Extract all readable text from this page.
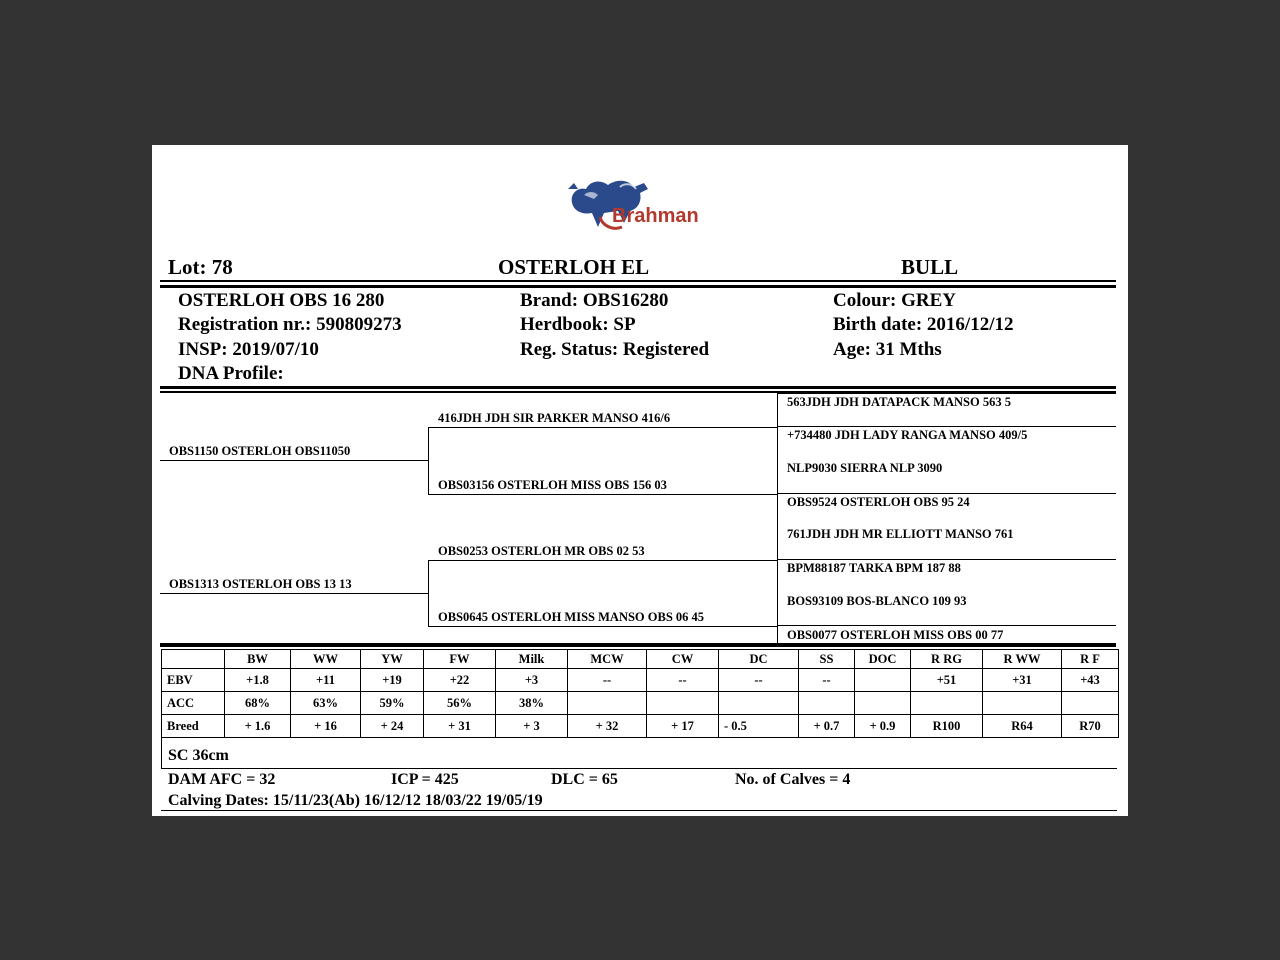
Brahman
Lot: 78	OSTERLOH EL	BULL
OSTERLOH OBS 16 280
Registration nr.: 590809273
INSP: 2019/07/10
DNA Profile:
Brand: OBS16280
Herdbook: SP
Reg. Status: Registered
Colour: GREY
Birth date: 2016/12/12
Age: 31 Mths
OBS1150 OSTERLOH OBS11050
OBS1313 OSTERLOH OBS 13 13
416JDH JDH SIR PARKER MANSO 416/6
OBS03156 OSTERLOH MISS OBS 156 03
OBS0253 OSTERLOH MR OBS 02 53
OBS0645 OSTERLOH MISS MANSO OBS 06 45
563JDH JDH DATAPACK MANSO 563 5
+734480 JDH LADY RANGA MANSO 409/5
NLP9030 SIERRA NLP 3090
OBS9524 OSTERLOH OBS 95 24
761JDH JDH MR ELLIOTT MANSO 761
BPM88187 TARKA BPM 187 88
BOS93109 BOS-BLANCO 109 93
OBS0077 OSTERLOH MISS OBS 00 77
	BW	WW	YW	FW	Milk	MCW	CW	DC	SS	DOC	R RG	R WW	R F
EBV	+1.8	+11	+19	+22	+3	--	--	--	--		+51	+31	+43
ACC	68%	63%	59%	56%	38%								
Breed	+ 1.6	+ 16	+ 24	+ 31	+ 3	+ 32	+ 17	- 0.5	+ 0.7	+ 0.9	R100	R64	R70
SC 36cm
DAM AFC = 32	ICP = 425	DLC = 65	No. of Calves = 4
Calving Dates: 15/11/23(Ab) 16/12/12 18/03/22 19/05/19
